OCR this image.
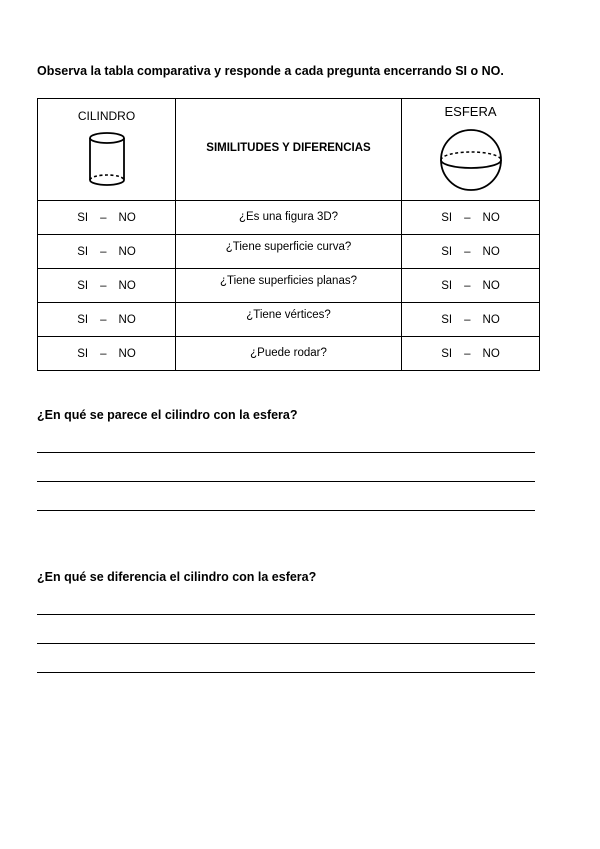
Observa la tabla comparativa y responde a cada pregunta encerrando SI o NO.

CILINDRO	SIMILITUDES Y DIFERENCIAS	ESFERA

SI – NO	¿Es una figura 3D?	SI – NO
SI – NO	¿Tiene superficie curva?	SI – NO
SI – NO	¿Tiene superficies planas?	SI – NO
SI – NO	¿Tiene vértices?	SI – NO
SI – NO	¿Puede rodar?	SI – NO

¿En qué se parece el cilindro con la esfera?

¿En qué se diferencia el cilindro con la esfera?
